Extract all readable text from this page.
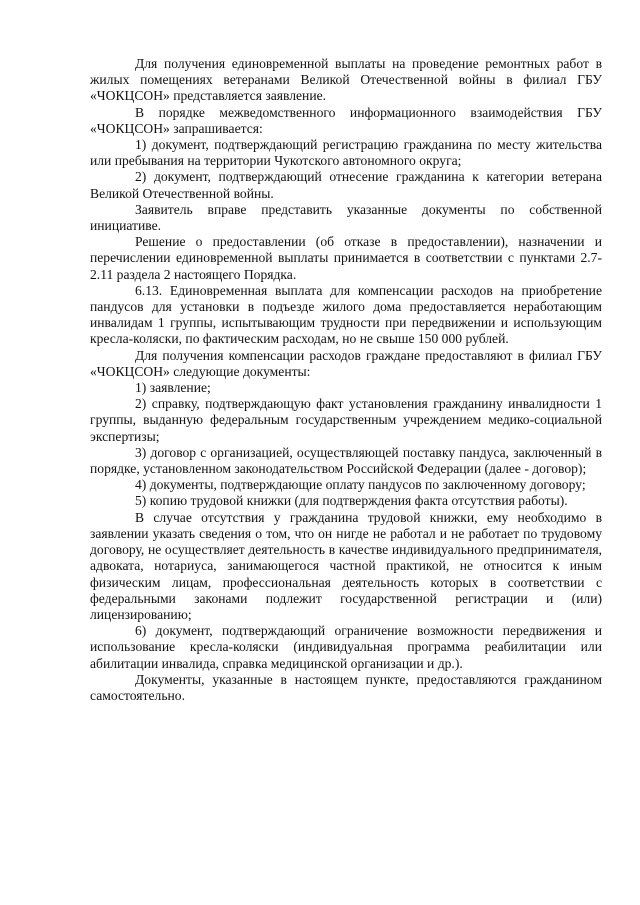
Для получения единовременной выплаты на проведение ремонтных работ в жилых помещениях ветеранами Великой Отечественной войны в филиал ГБУ «ЧОКЦСОН» представляется заявление.

В порядке межведомственного информационного взаимодействия ГБУ «ЧОКЦСОН» запрашивается:

1) документ, подтверждающий регистрацию гражданина по месту жительства или пребывания на территории Чукотского автономного округа;

2) документ, подтверждающий отнесение гражданина к категории ветерана Великой Отечественной войны.

Заявитель вправе представить указанные документы по собственной инициативе.

Решение о предоставлении (об отказе в предоставлении), назначении и перечислении единовременной выплаты принимается в соответствии с пунктами 2.7-2.11 раздела 2 настоящего Порядка.

6.13. Единовременная выплата для компенсации расходов на приобретение пандусов для установки в подъезде жилого дома предоставляется неработающим инвалидам 1 группы, испытывающим трудности при передвижении и использующим кресла-коляски, по фактическим расходам, но не свыше 150 000 рублей.

Для получения компенсации расходов граждане предоставляют в филиал ГБУ «ЧОКЦСОН» следующие документы:

1) заявление;

2) справку, подтверждающую факт установления гражданину инвалидности 1 группы, выданную федеральным государственным учреждением медико-социальной экспертизы;

3) договор с организацией, осуществляющей поставку пандуса, заключенный в порядке, установленном законодательством Российской Федерации (далее - договор);

4) документы, подтверждающие оплату пандусов по заключенному договору;

5) копию трудовой книжки (для подтверждения факта отсутствия работы).

В случае отсутствия у гражданина трудовой книжки, ему необходимо в заявлении указать сведения о том, что он нигде не работал и не работает по трудовому договору, не осуществляет деятельность в качестве индивидуального предпринимателя, адвоката, нотариуса, занимающегося частной практикой, не относится к иным физическим лицам, профессиональная деятельность которых в соответствии с федеральными законами подлежит государственной регистрации и (или) лицензированию;

6) документ, подтверждающий ограничение возможности передвижения и использование кресла-коляски (индивидуальная программа реабилитации или абилитации инвалида, справка медицинской организации и др.).

Документы, указанные в настоящем пункте, предоставляются гражданином самостоятельно.
